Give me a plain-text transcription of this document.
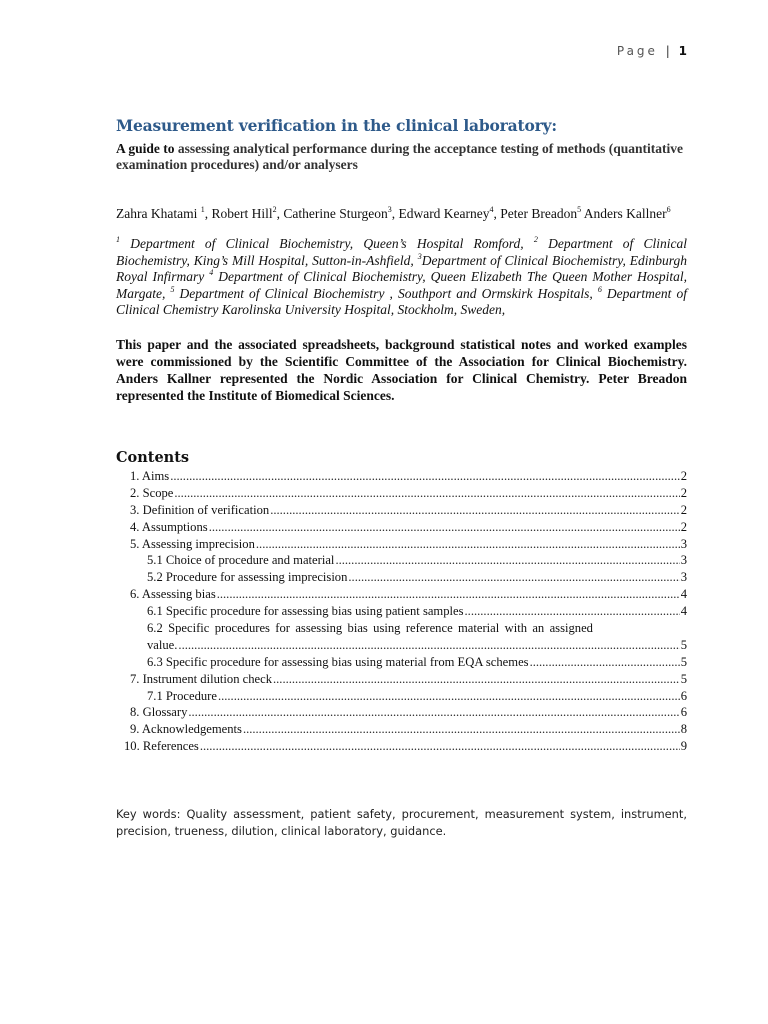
Page | 1
Measurement verification in the clinical laboratory:

A guide to assessing analytical performance during the acceptance testing of methods (quantitative examination procedures) and/or analysers

Zahra Khatami $^1$, Robert Hill$^2$, Catherine Sturgeon$^3$, Edward Kearney$^4$, Peter Breadon$^5$ Anders Kallner$^6$
$^1$ Department of Clinical Biochemistry, Queen’s Hospital Romford, $^2$ Department of Clinical Biochemistry, King’s Mill Hospital, Sutton-in-Ashfield, $^3$Department of Clinical Biochemistry, Edinburgh Royal Infirmary $^4$ Department of Clinical Biochemistry, Queen Elizabeth The Queen Mother Hospital, Margate, $^5$ Department of Clinical Biochemistry , Southport and Ormskirk Hospitals, $^6$ Department of Clinical Chemistry Karolinska University Hospital, Stockholm, Sweden,

This paper and the associated spreadsheets, background statistical notes and worked examples were commissioned by the Scientific Committee of the Association for Clinical Biochemistry. Anders Kallner represented the Nordic Association for Clinical Chemistry. Peter Breadon represented the Institute of Biomedical Sciences.

Contents
1. Aims .....	2
2. Scope .....	2
3. Definition of verification .....	2
4. Assumptions .....	2
5. Assessing imprecision .....	3
5.1 Choice of procedure and material .....	3
5.2 Procedure for assessing imprecision .....	3
6. Assessing bias .....	4
6.1 Specific procedure for assessing bias using patient samples .....	4
6.2 Specific procedures for assessing bias using reference material with an assigned
value. .....	5
6.3 Specific procedure for assessing bias using material from EQA schemes .....	5
7. Instrument dilution check .....	5
7.1 Procedure .....	6
8. Glossary .....	6
9. Acknowledgements .....	8
10. References .....	9

Key words: Quality assessment, patient safety, procurement, measurement system, instrument, precision, trueness, dilution, clinical laboratory, guidance.
